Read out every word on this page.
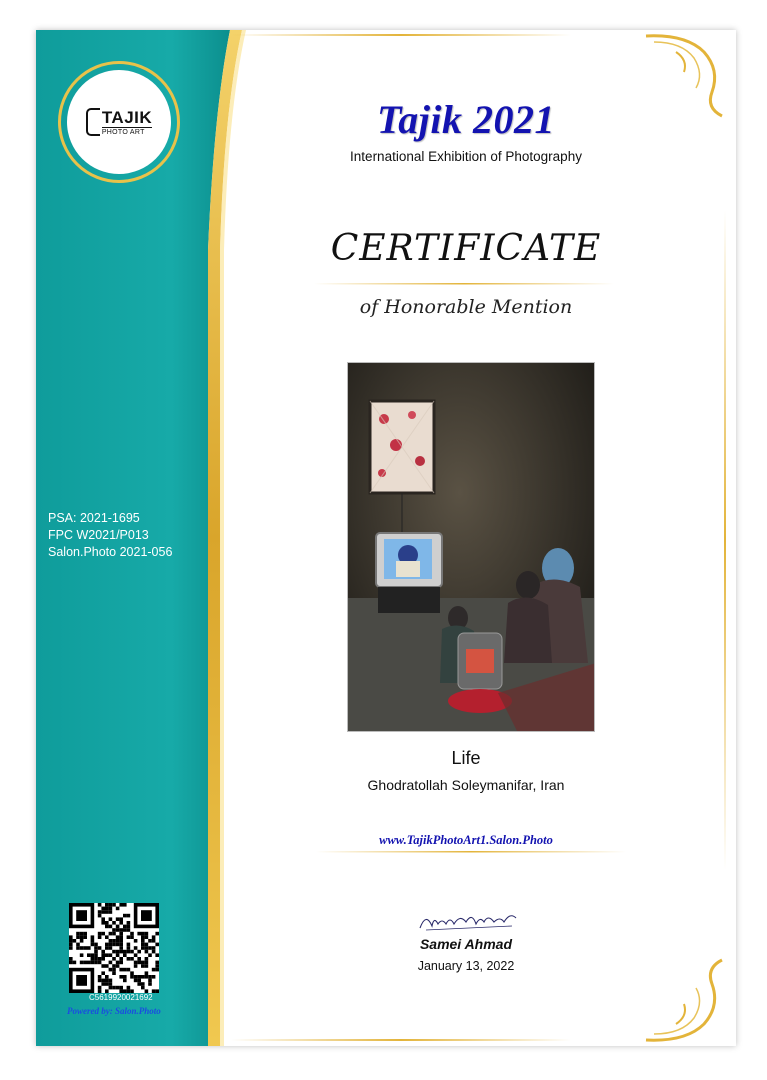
TAJIK
PHOTO ART
PSA: 2021-1695
FPC W2021/P013
Salon.Photo 2021-056
C5619920021692
Powered by: Salon.Photo
Tajik 2021
International Exhibition of Photography
CERTIFICATE
of Honorable Mention
Life
Ghodratollah Soleymanifar, Iran
www.TajikPhotoArt1.Salon.Photo
Samei Ahmad
January 13, 2022
